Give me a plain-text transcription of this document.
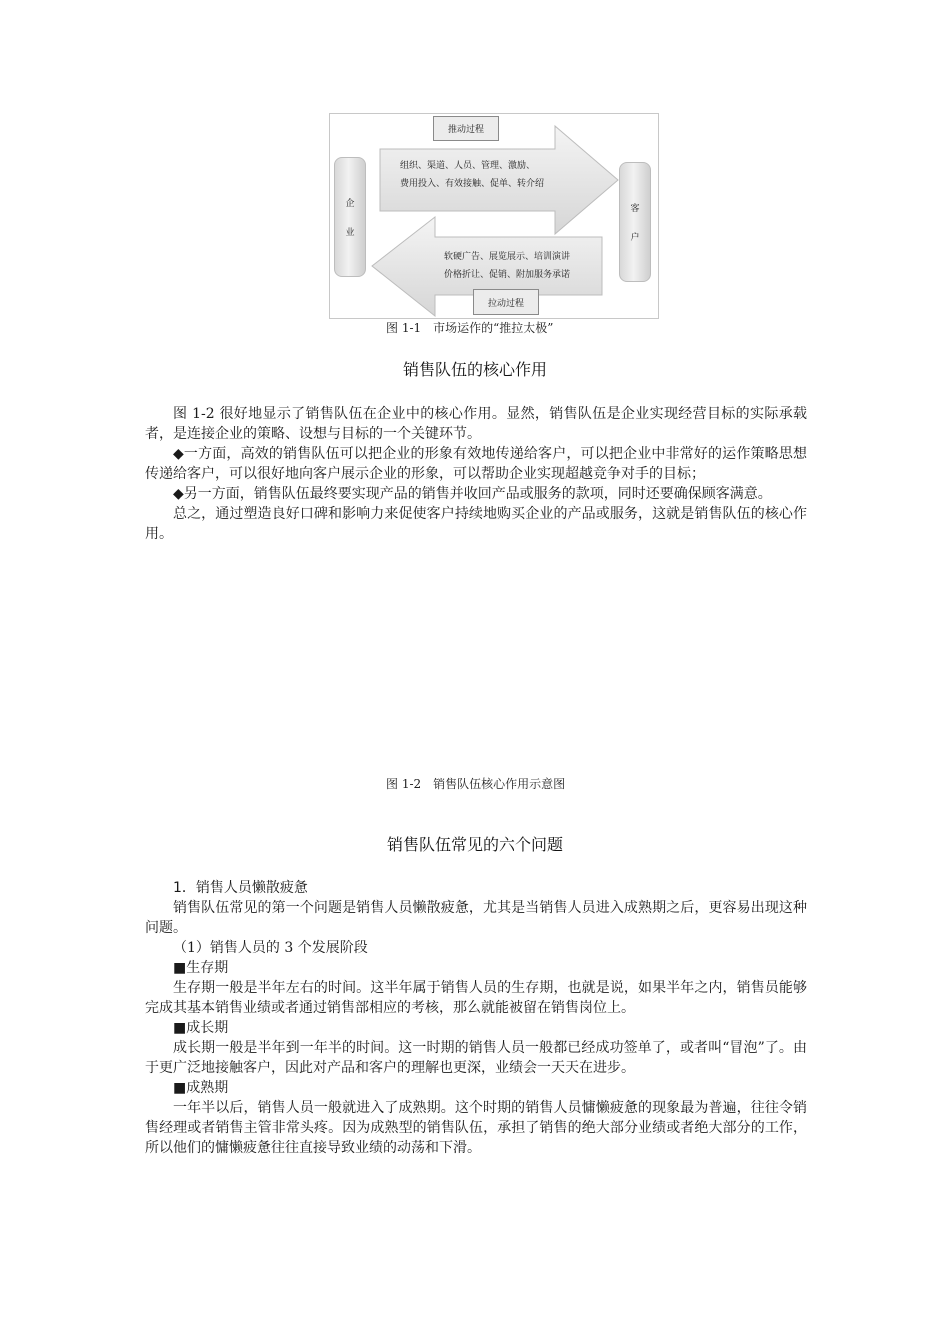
推动过程
拉动过程
企
业
客
户
组织、渠道、人员、管理、激励、
费用投入、有效接触、促单、转介绍
软硬广告、展览展示、培训演讲
价格折让、促销、附加服务承诺
图 1-1　市场运作的“推拉太极”
销售队伍的核心作用

图 1-2 很好地显示了销售队伍在企业中的核心作用。显然，销售队伍是企业实现经营目标的实际承载者，是连接企业的策略、设想与目标的一个关键环节。

◆一方面，高效的销售队伍可以把企业的形象有效地传递给客户，可以把企业中非常好的运作策略思想传递给客户，可以很好地向客户展示企业的形象，可以帮助企业实现超越竞争对手的目标；

◆另一方面，销售队伍最终要实现产品的销售并收回产品或服务的款项，同时还要确保顾客满意。

总之，通过塑造良好口碑和影响力来促使客户持续地购买企业的产品或服务，这就是销售队伍的核心作用。

图 1-2　销售队伍核心作用示意图
销售队伍常见的六个问题

1．销售人员懒散疲惫

销售队伍常见的第一个问题是销售人员懒散疲惫，尤其是当销售人员进入成熟期之后，更容易出现这种问题。

（1）销售人员的 3 个发展阶段

■生存期

生存期一般是半年左右的时间。这半年属于销售人员的生存期，也就是说，如果半年之内，销售员能够完成其基本销售业绩或者通过销售部相应的考核，那么就能被留在销售岗位上。

■成长期

成长期一般是半年到一年半的时间。这一时期的销售人员一般都已经成功签单了，或者叫“冒泡”了。由于更广泛地接触客户，因此对产品和客户的理解也更深，业绩会一天天在进步。

■成熟期

一年半以后，销售人员一般就进入了成熟期。这个时期的销售人员慵懒疲惫的现象最为普遍，往往令销售经理或者销售主管非常头疼。因为成熟型的销售队伍，承担了销售的绝大部分业绩或者绝大部分的工作，所以他们的慵懒疲惫往往直接导致业绩的动荡和下滑。
